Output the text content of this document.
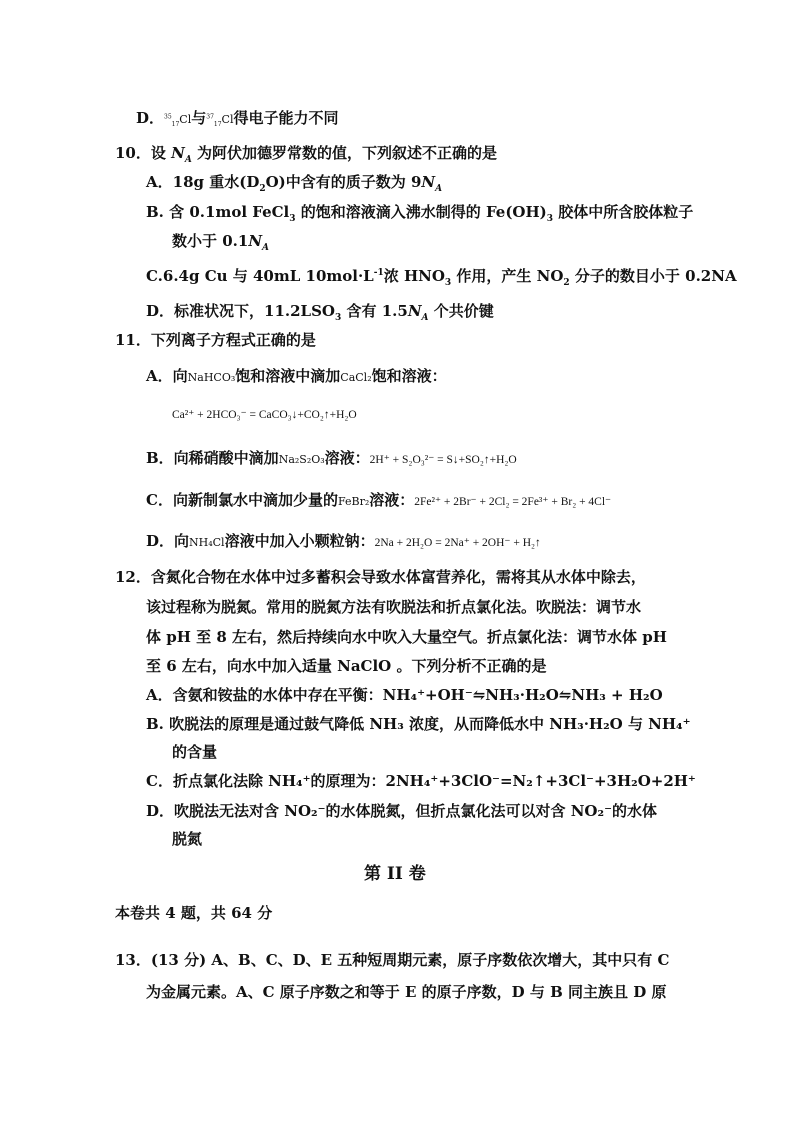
D．$^{35}_{17}$Cl与$^{37}_{17}$Cl得电子能力不同
10．设 $N_A$ 为阿伏加德罗常数的值，下列叙述不正确的是
A．18g 重水$(D_2O)$中含有的质子数为 $9N_A$
B. 含 0.1mol FeCl$_3$ 的饱和溶液滴入沸水制得的 $Fe(OH)_3$ 胶体中所含胶体粒子
数小于 $0.1N_A$
C.6.4g Cu 与 40mL $10mol\cdot L^{-1}$浓 $HNO_3$ 作用，产生 $NO_2$ 分子的数目小于 0.2NA
D．标准状况下，$11.2LSO_3$ 含有 $1.5N_A$ 个共价键
11．下列离子方程式正确的是
A．向NaHCO₃饱和溶液中滴加CaCl₂饱和溶液：
Ca²⁺ + 2HCO₃⁻ = CaCO₃↓+CO₂↑+H₂O
B．向稀硝酸中滴加Na₂S₂O₃溶液：2H⁺ + S₂O₃²⁻ = S↓+SO₂↑+H₂O
C．向新制氯水中滴加少量的FeBr₂溶液：2Fe²⁺ + 2Br⁻ + 2Cl₂ = 2Fe³⁺ + Br₂ + 4Cl⁻
D．向NH₄Cl溶液中加入小颗粒钠：2Na + 2H₂O = 2Na⁺ + 2OH⁻ + H₂↑
12．含氮化合物在水体中过多蓄积会导致水体富营养化，需将其从水体中除去，
该过程称为脱氮。常用的脱氮方法有吹脱法和折点氯化法。吹脱法：调节水
体 pH 至 8 左右，然后持续向水中吹入大量空气。折点氯化法：调节水体 pH
至 6 左右，向水中加入适量 NaClO 。下列分析不正确的是
A．含氨和铵盐的水体中存在平衡：NH₄⁺+OH⁻⇋NH₃·H₂O⇋NH₃ + H₂O
B. 吹脱法的原理是通过鼓气降低 NH₃ 浓度，从而降低水中 NH₃·H₂O 与 NH₄⁺
的含量
C．折点氯化法除 NH₄⁺的原理为：2NH₄⁺+3ClO⁻=N₂↑+3Cl⁻+3H₂O+2H⁺
D．吹脱法无法对含 NO₂⁻的水体脱氮，但折点氯化法可以对含 NO₂⁻的水体
脱氮
第 II 卷
本卷共 4 题，共 64 分
13．(13 分) A、B、C、D、E 五种短周期元素，原子序数依次增大，其中只有 C
为金属元素。A、C 原子序数之和等于 E 的原子序数，D 与 B 同主族且 D 原
